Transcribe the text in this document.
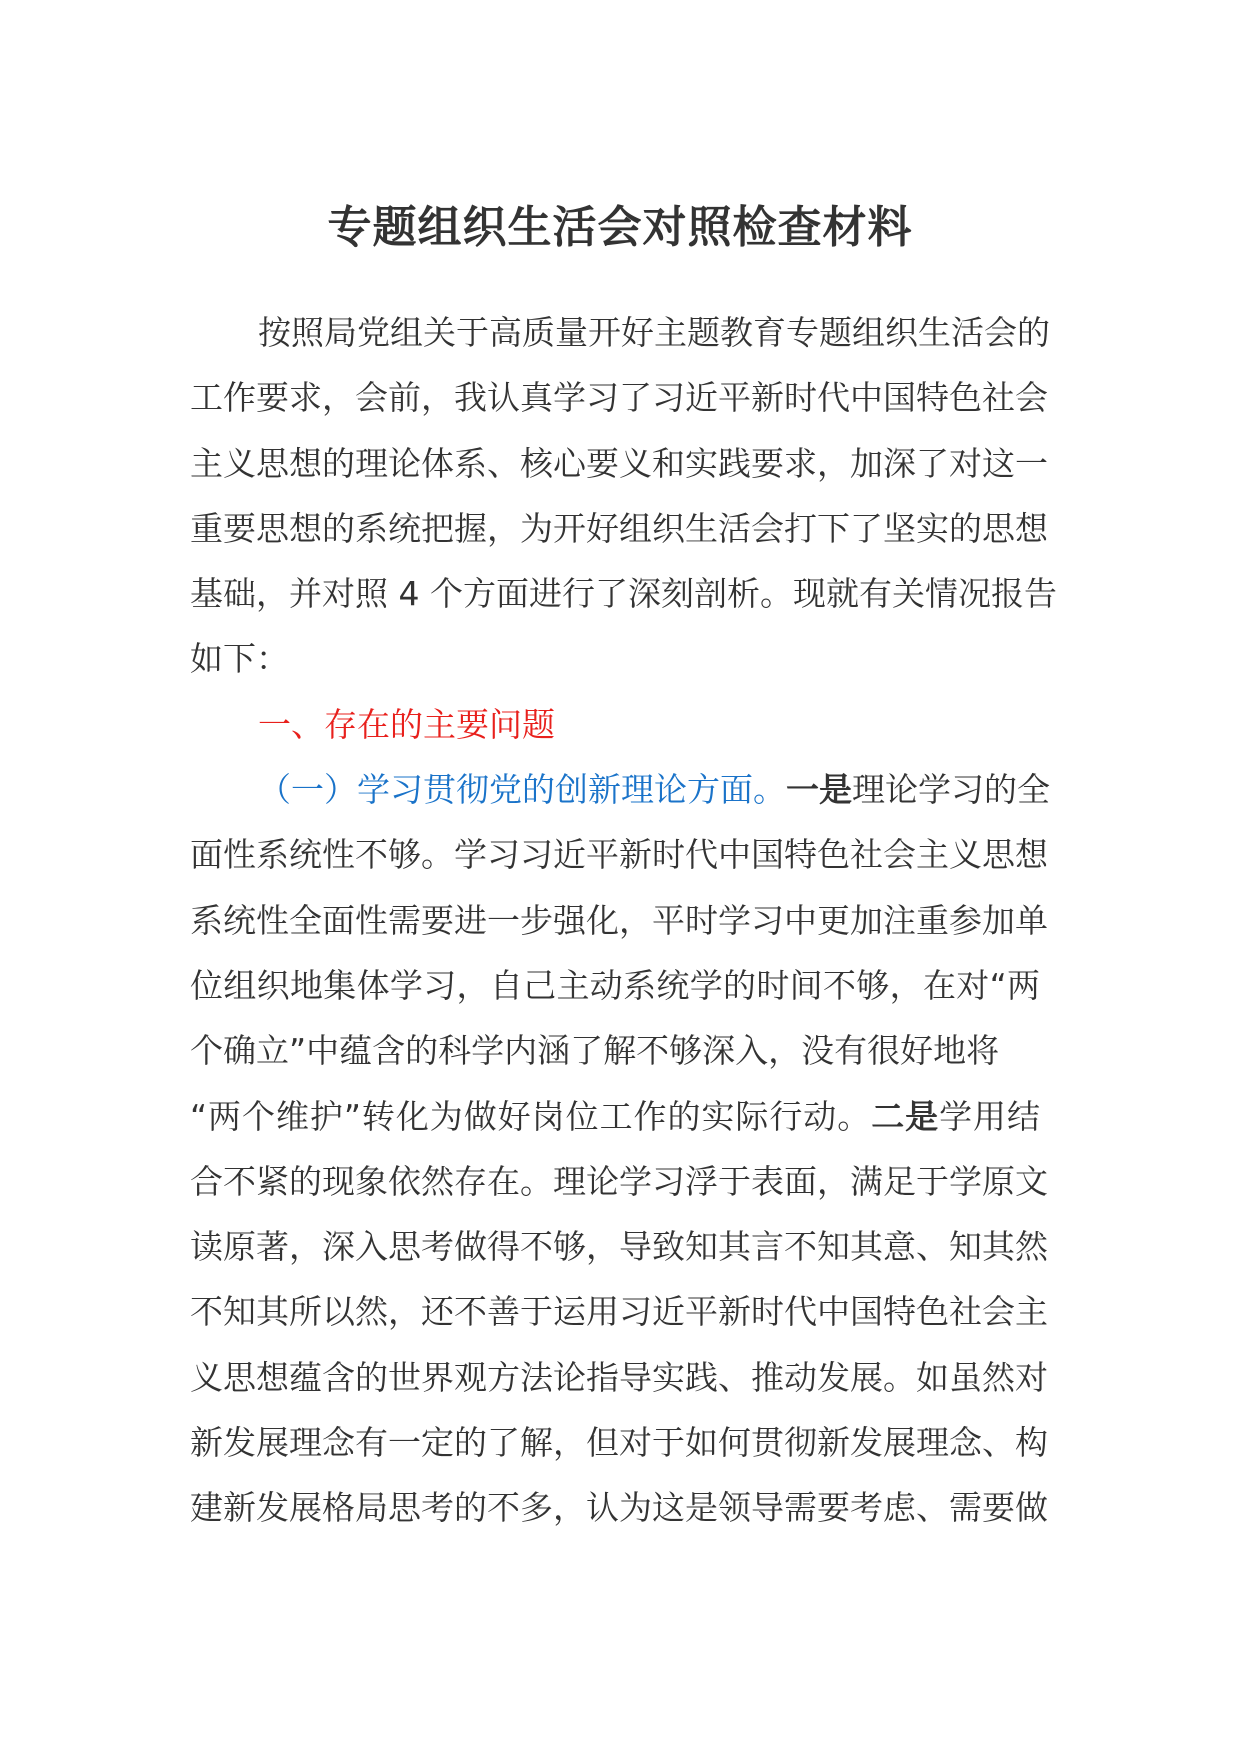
专题组织生活会对照检查材料
按照局党组关于高质量开好主题教育专题组织生活会的
工作要求，会前，我认真学习了习近平新时代中国特色社会
主义思想的理论体系、核心要义和实践要求，加深了对这一
重要思想的系统把握，为开好组织生活会打下了坚实的思想
基础，并对照 4 个方面进行了深刻剖析。现就有关情况报告
如下：
一、存在的主要问题
（一）学习贯彻党的创新理论方面。一是理论学习的全
面性系统性不够。学习习近平新时代中国特色社会主义思想
系统性全面性需要进一步强化，平时学习中更加注重参加单
位组织地集体学习，自己主动系统学的时间不够，在对“两
个确立”中蕴含的科学内涵了解不够深入，没有很好地将
“两个维护”转化为做好岗位工作的实际行动。二是学用结
合不紧的现象依然存在。理论学习浮于表面，满足于学原文
读原著，深入思考做得不够，导致知其言不知其意、知其然
不知其所以然，还不善于运用习近平新时代中国特色社会主
义思想蕴含的世界观方法论指导实践、推动发展。如虽然对
新发展理念有一定的了解，但对于如何贯彻新发展理念、构
建新发展格局思考的不多，认为这是领导需要考虑、需要做
